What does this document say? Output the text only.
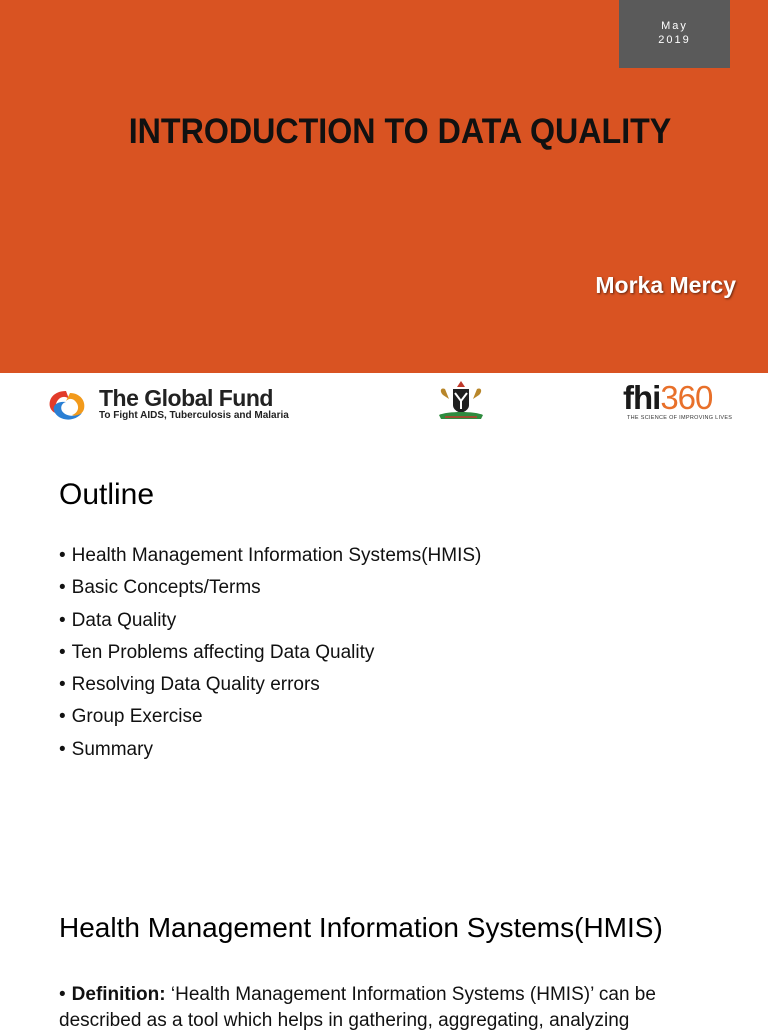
May
2019
INTRODUCTION TO DATA QUALITY
Morka Mercy
The Global Fund
To Fight AIDS, Tuberculosis and Malaria	fhi360
THE SCIENCE OF IMPROVING LIVES
Outline
• Health Management Information Systems(HMIS)
• Basic Concepts/Terms
• Data Quality
• Ten Problems affecting Data Quality
• Resolving Data Quality errors
• Group Exercise
• Summary
Health Management Information Systems(HMIS)
• Definition: ‘Health Management Information Systems (HMIS)’ can be described as a tool which helps in gathering, aggregating, analyzing
